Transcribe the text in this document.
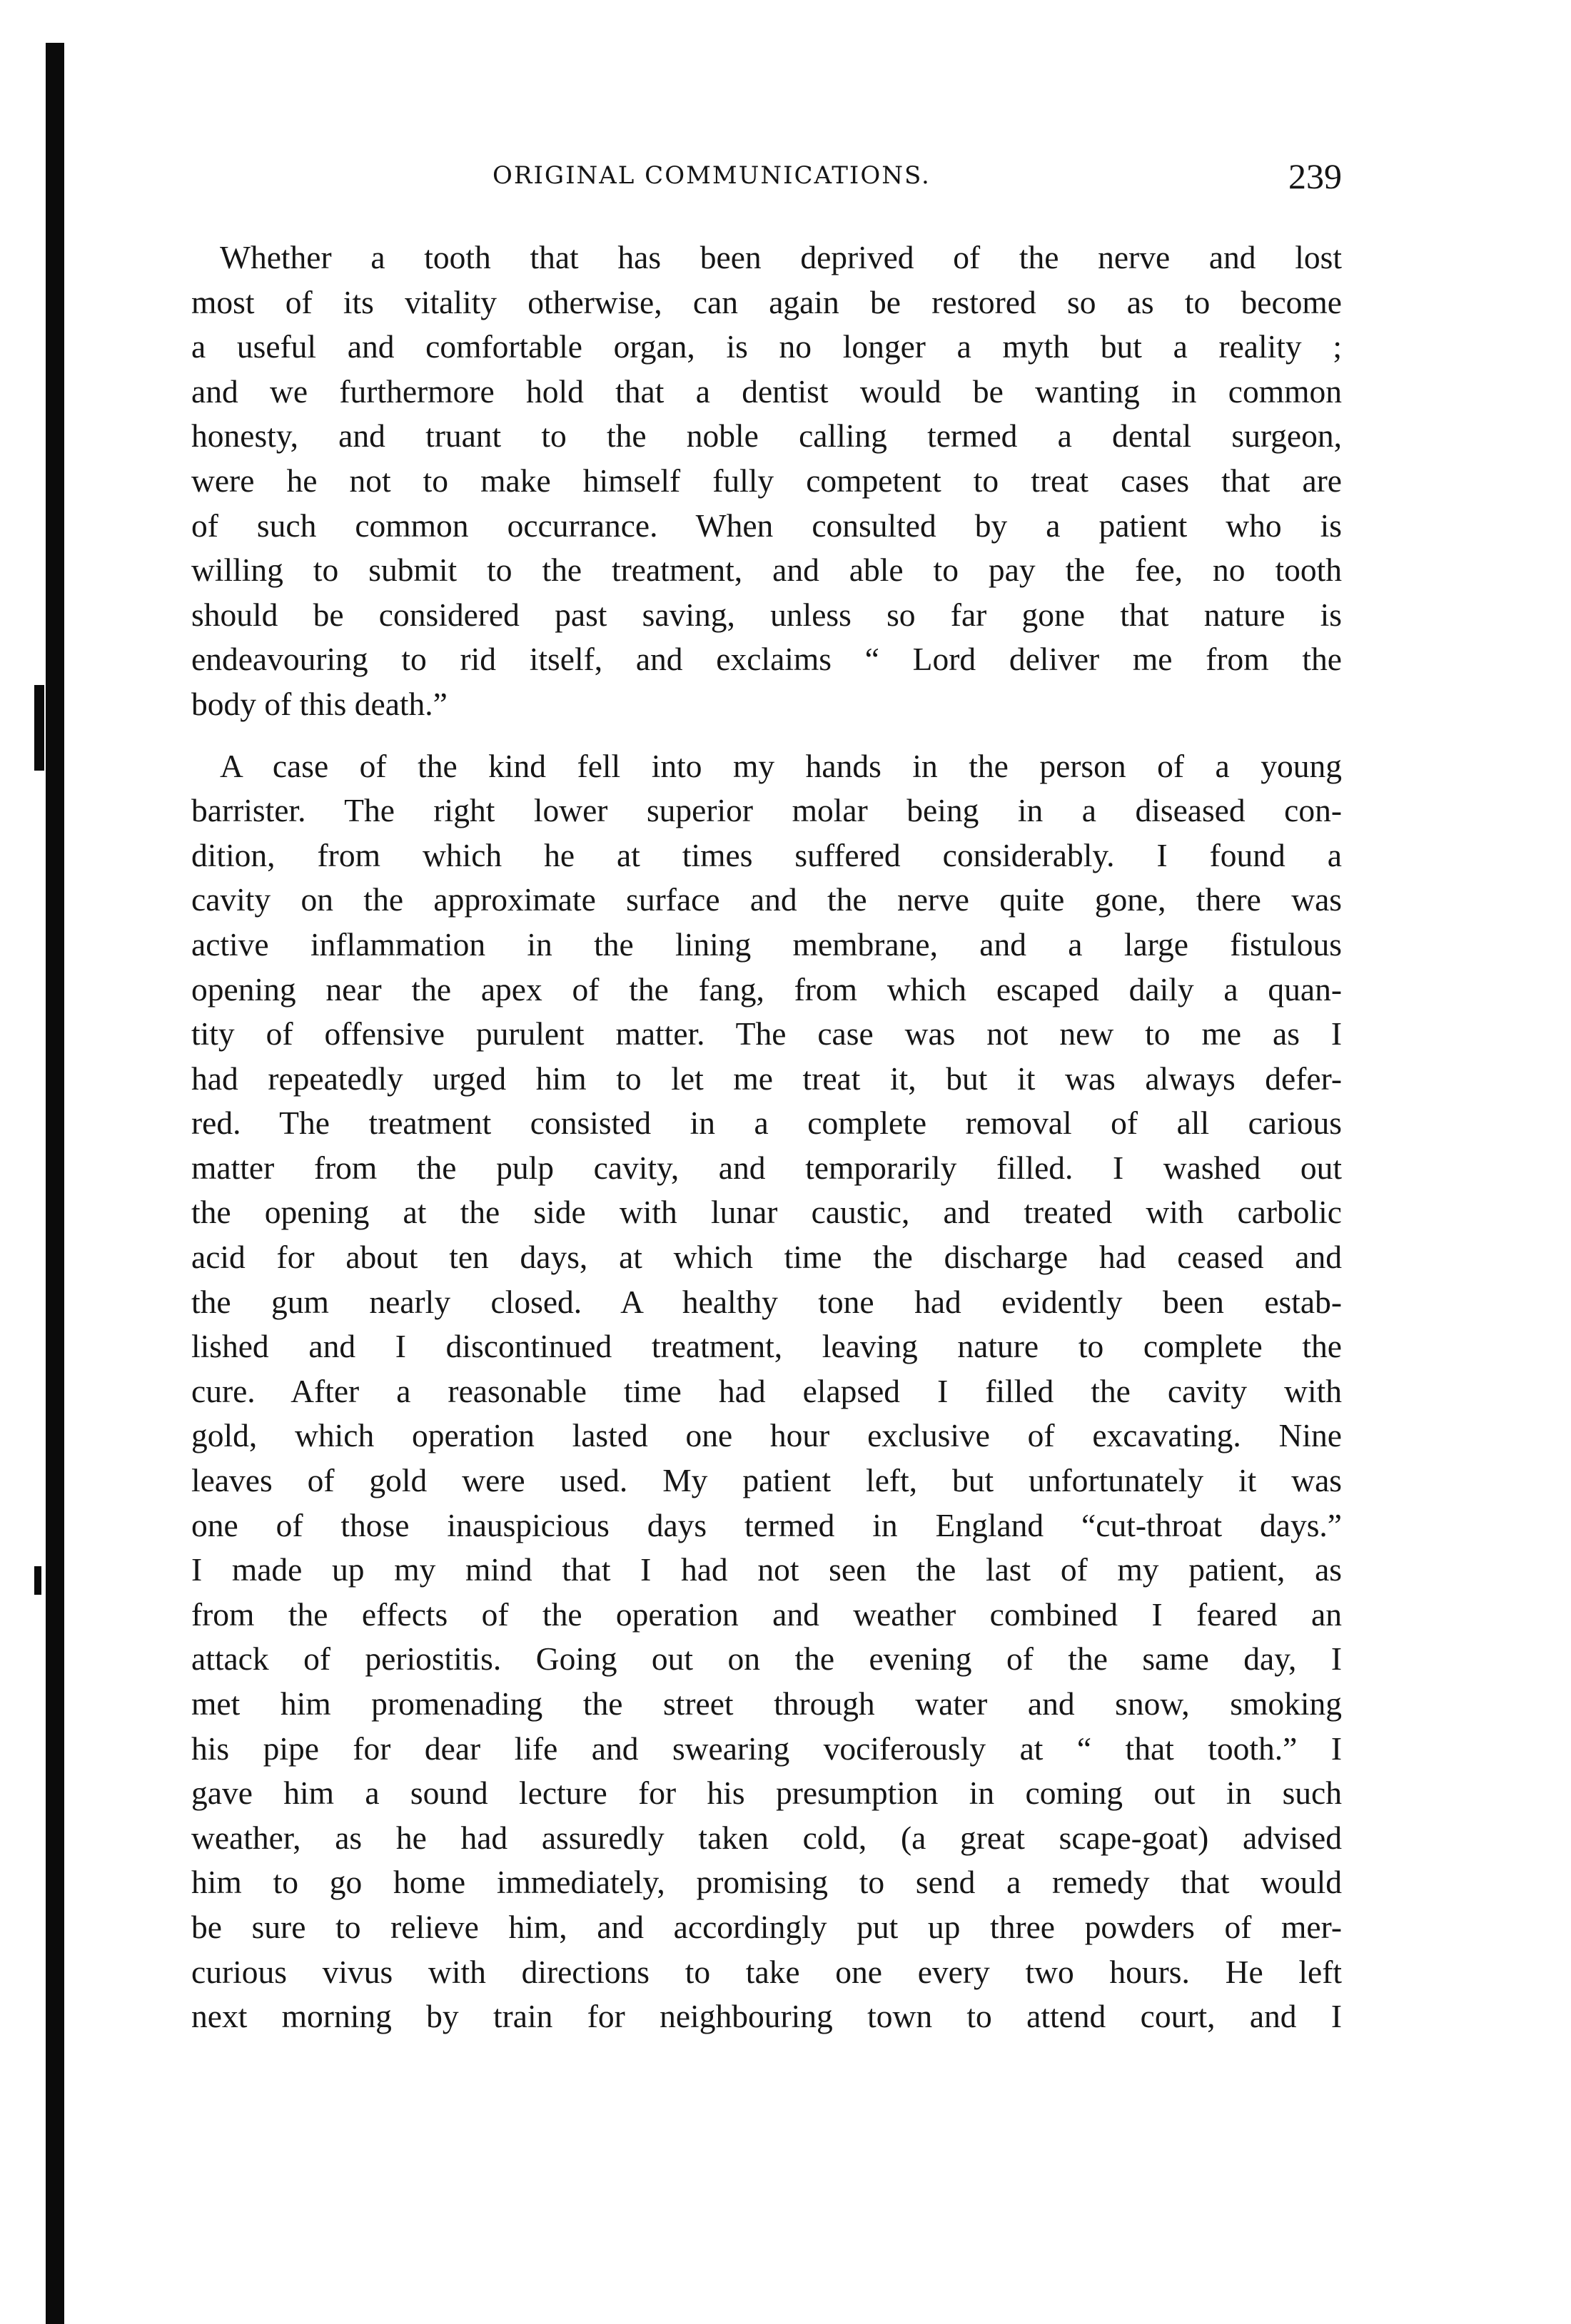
ORIGINAL COMMUNICATIONS.	239

Whether a tooth that has been deprived of the nerve and lost
most of its vitality otherwise, can again be restored so as to become
a useful and comfortable organ, is no longer a myth but a reality ;
and we furthermore hold that a dentist would be wanting in common
honesty, and truant to the noble calling termed a dental surgeon,
were he not to make himself fully competent to treat cases that are
of such common occurrance. When consulted by a patient who is
willing to submit to the treatment, and able to pay the fee, no tooth
should be considered past saving, unless so far gone that nature is
endeavouring to rid itself, and exclaims “ Lord deliver me from the
body of this death.”

A case of the kind fell into my hands in the person of a young
barrister. The right lower superior molar being in a diseased con-
dition, from which he at times suffered considerably. I found a
cavity on the approximate surface and the nerve quite gone, there was
active inflammation in the lining membrane, and a large fistulous
opening near the apex of the fang, from which escaped daily a quan-
tity of offensive purulent matter. The case was not new to me as I
had repeatedly urged him to let me treat it, but it was always defer-
red. The treatment consisted in a complete removal of all carious
matter from the pulp cavity, and temporarily filled. I washed out
the opening at the side with lunar caustic, and treated with carbolic
acid for about ten days, at which time the discharge had ceased and
the gum nearly closed. A healthy tone had evidently been estab-
lished and I discontinued treatment, leaving nature to complete the
cure. After a reasonable time had elapsed I filled the cavity with
gold, which operation lasted one hour exclusive of excavating. Nine
leaves of gold were used. My patient left, but unfortunately it was
one of those inauspicious days termed in England “cut-throat days.”
I made up my mind that I had not seen the last of my patient, as
from the effects of the operation and weather combined I feared an
attack of periostitis. Going out on the evening of the same day, I
met him promenading the street through water and snow, smoking
his pipe for dear life and swearing vociferously at “ that tooth.” I
gave him a sound lecture for his presumption in coming out in such
weather, as he had assuredly taken cold, (a great scape-goat) advised
him to go home immediately, promising to send a remedy that would
be sure to relieve him, and accordingly put up three powders of mer-
curious vivus with directions to take one every two hours. He left
next morning by train for neighbouring town to attend court, and I
